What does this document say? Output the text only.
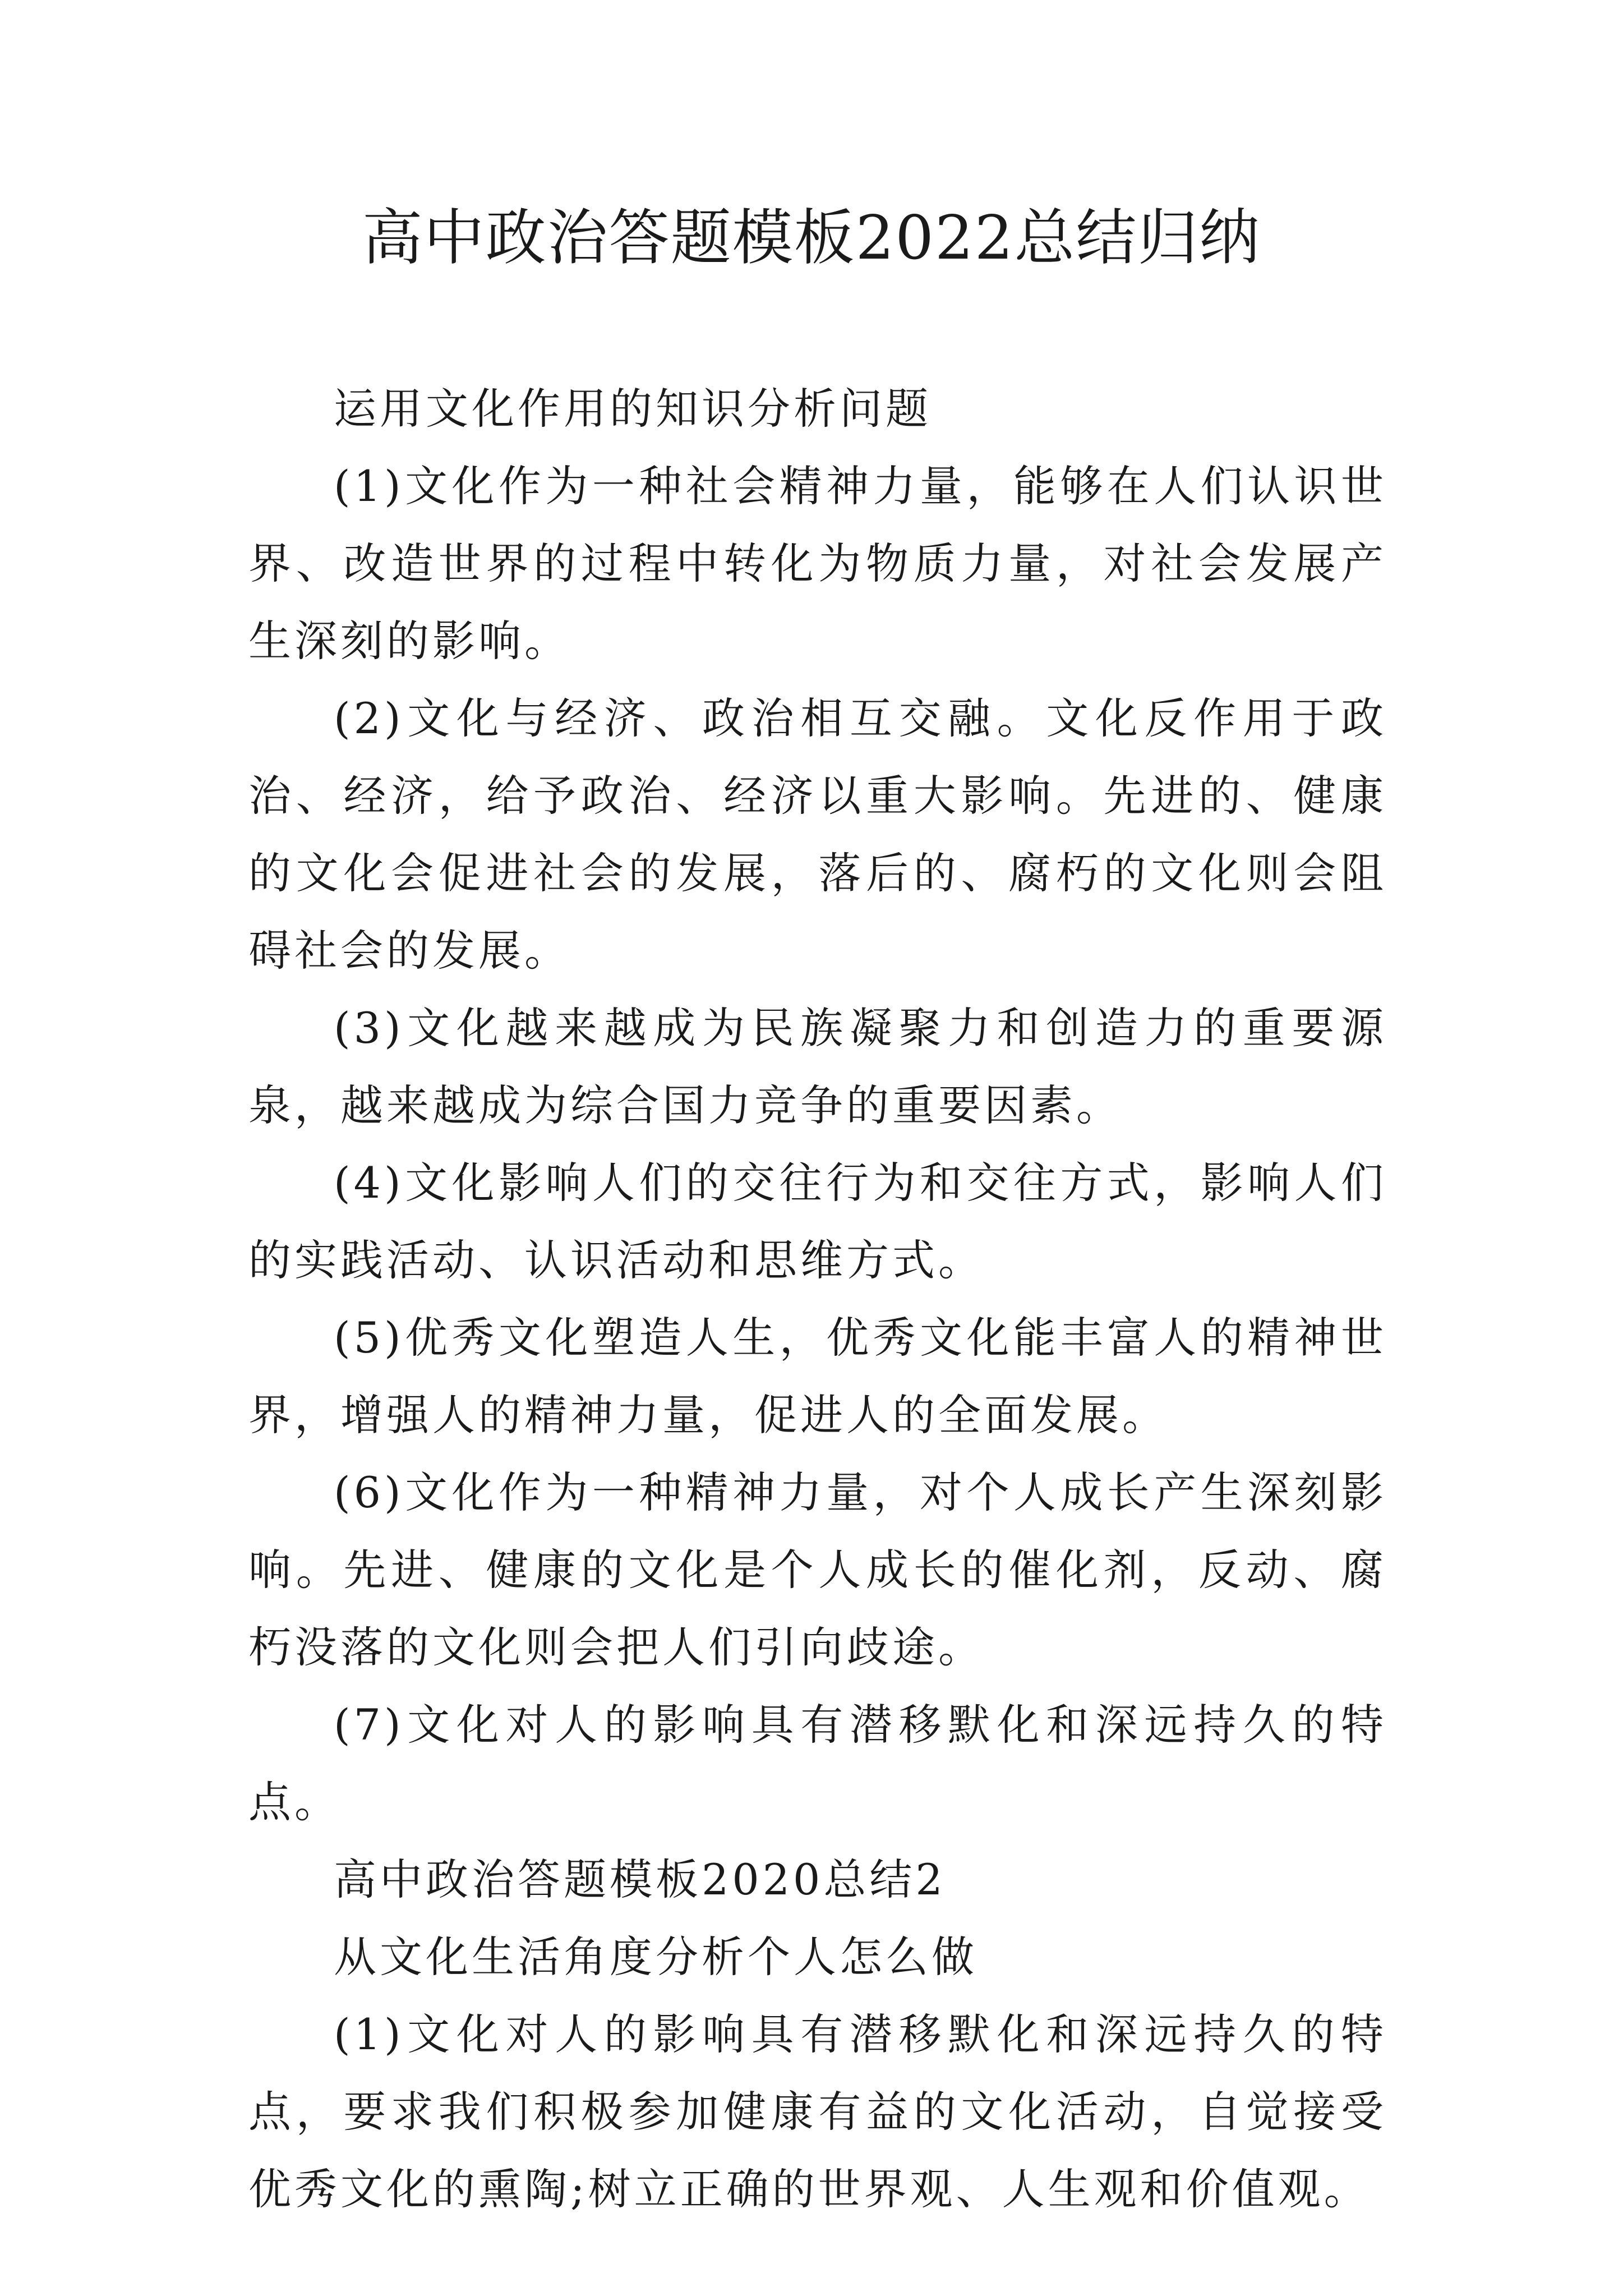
高中政治答题模板2022总结归纳

运用文化作用的知识分析问题

(1)文化作为一种社会精神力量，能够在人们认识世界、改造世界的过程中转化为物质力量，对社会发展产生深刻的影响。

(2)文化与经济、政治相互交融。文化反作用于政治、经济，给予政治、经济以重大影响。先进的、健康的文化会促进社会的发展，落后的、腐朽的文化则会阻碍社会的发展。

(3)文化越来越成为民族凝聚力和创造力的重要源泉，越来越成为综合国力竞争的重要因素。

(4)文化影响人们的交往行为和交往方式，影响人们的实践活动、认识活动和思维方式。

(5)优秀文化塑造人生，优秀文化能丰富人的精神世界，增强人的精神力量，促进人的全面发展。

(6)文化作为一种精神力量，对个人成长产生深刻影响。先进、健康的文化是个人成长的催化剂，反动、腐朽没落的文化则会把人们引向歧途。

(7)文化对人的影响具有潜移默化和深远持久的特点。

高中政治答题模板2020总结2

从文化生活角度分析个人怎么做

(1)文化对人的影响具有潜移默化和深远持久的特点，要求我们积极参加健康有益的文化活动，自觉接受优秀文化的熏陶;树立正确的世界观、人生观和价值观。
